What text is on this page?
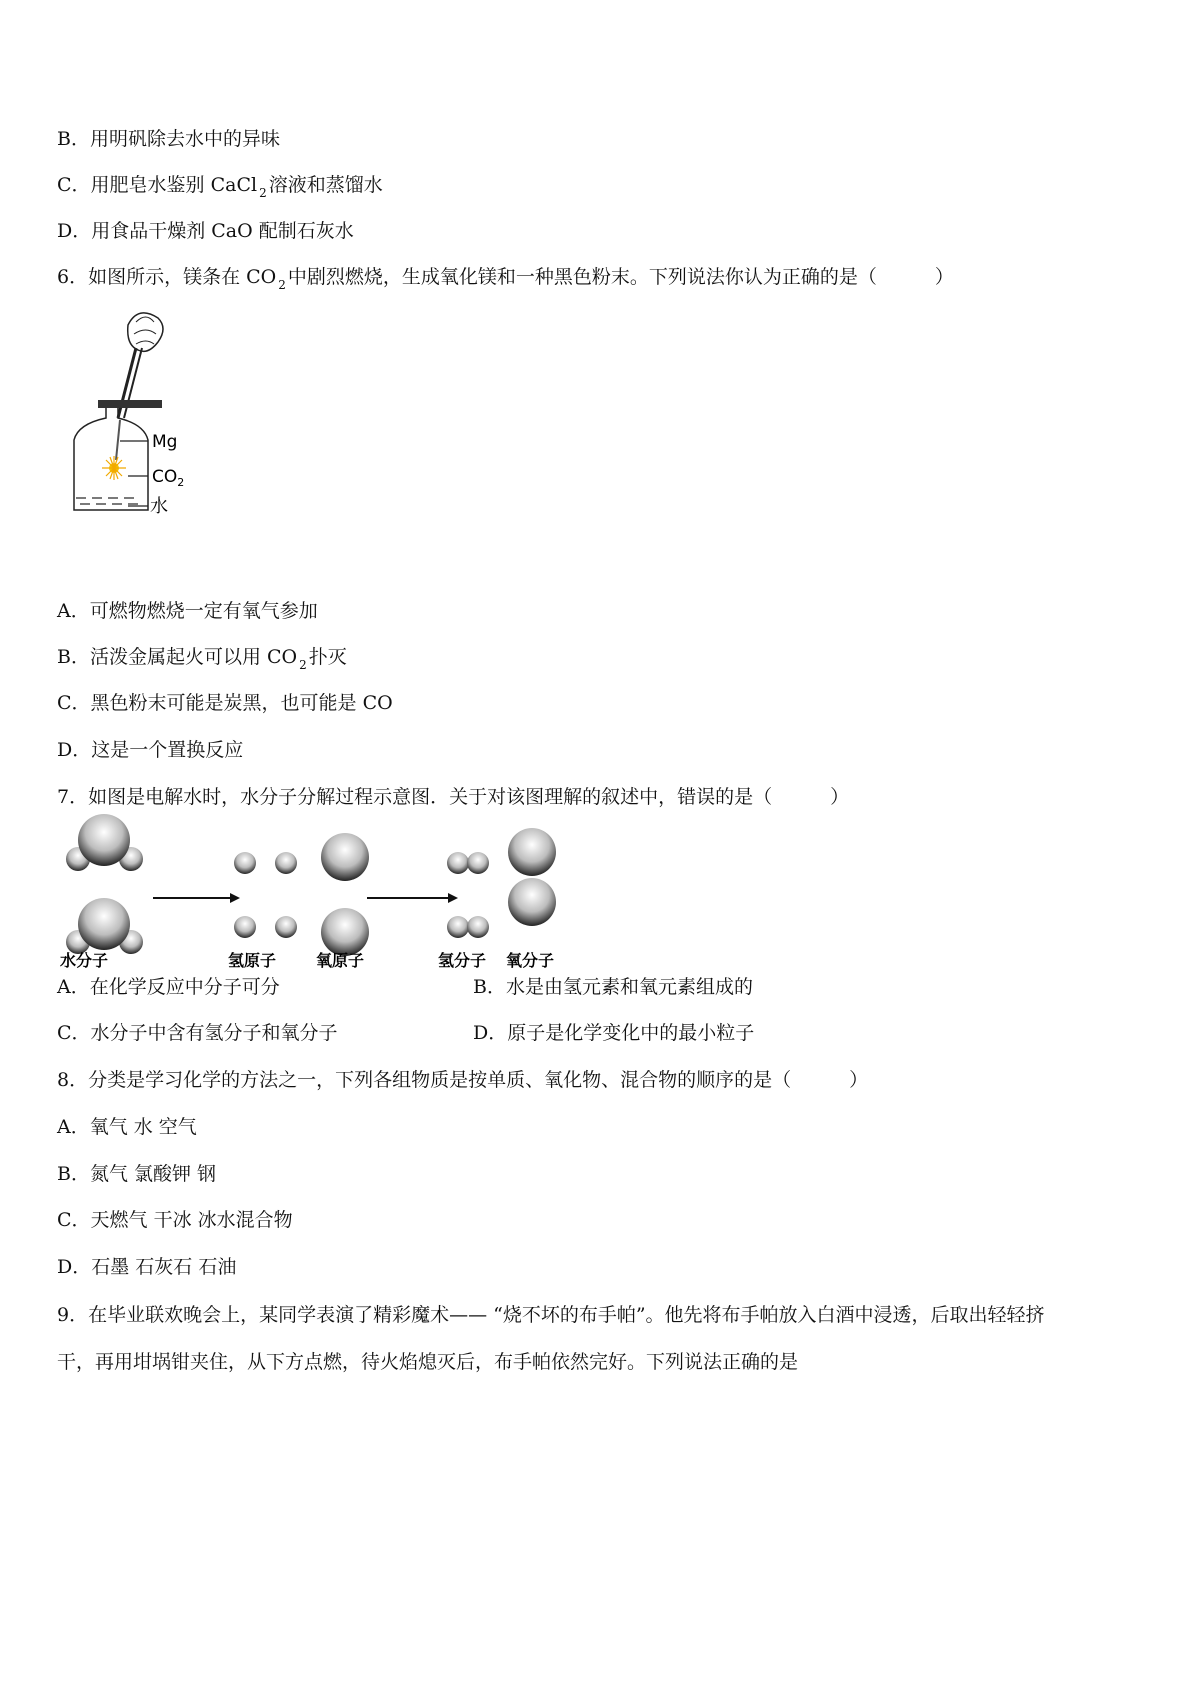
B．用明矾除去水中的异味
C．用肥皂水鉴别 CaCl $_2$ 溶液和蒸馏水
D．用食品干燥剂 CaO 配制石灰水
6．如图所示，镁条在 CO $_2$ 中剧烈燃烧，生成氧化镁和一种黑色粉末。下列说法你认为正确的是（	）
Mg
$CO_2$
水
A．可燃物燃烧一定有氧气参加
B．活泼金属起火可以用 CO $_2$ 扑灭
C．黑色粉末可能是炭黑，也可能是 CO
D．这是一个置换反应
7．如图是电解水时，水分子分解过程示意图．关于对该图理解的叙述中，错误的是（	）
水分子	氢原子 氧原子	氢分子 氧分子
A．在化学反应中分子可分	B．水是由氢元素和氧元素组成的
C．水分子中含有氢分子和氧分子	D．原子是化学变化中的最小粒子
8．分类是学习化学的方法之一，下列各组物质是按单质、氧化物、混合物的顺序的是（	）
A．氧气 水 空气
B．氮气 氯酸钾 钢
C．天燃气 干冰 冰水混合物
D．石墨 石灰石 石油
9．在毕业联欢晚会上，某同学表演了精彩魔术—— “烧不坏的布手帕”。他先将布手帕放入白酒中浸透，后取出轻轻挤
干，再用坩埚钳夹住，从下方点燃，待火焰熄灭后，布手帕依然完好。下列说法正确的是
